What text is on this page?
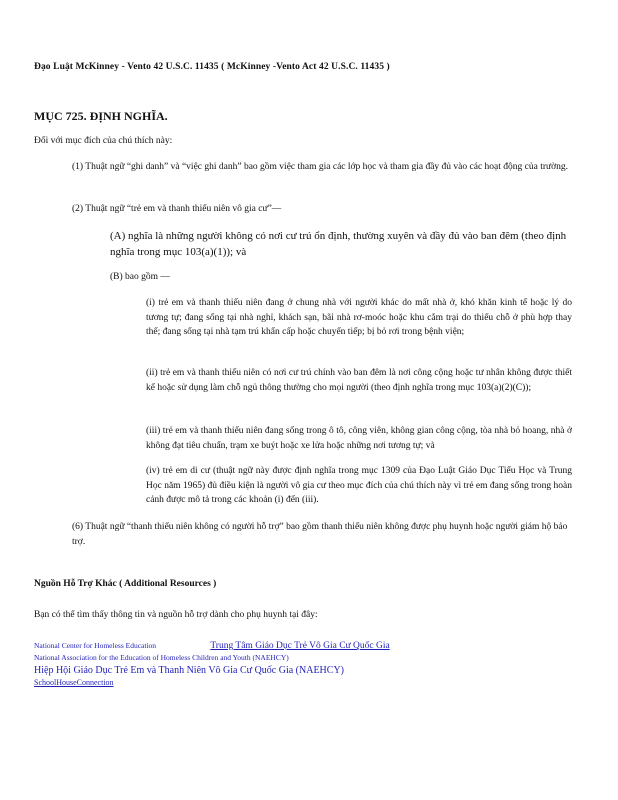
Đạo Luật McKinney - Vento 42 U.S.C. 11435 ( McKinney -Vento Act 42 U.S.C. 11435 )
MỤC 725. ĐỊNH NGHĨA.
Đối với mục đích của chú thích này:
(1) Thuật ngữ “ghi danh” và “việc ghi danh” bao gồm việc tham gia các lớp học và tham gia đầy đủ vào các hoạt động của trường.
(2) Thuật ngữ “trẻ em và thanh thiếu niên vô gia cư”—
(A) nghĩa là những người không có nơi cư trú ổn định, thường xuyên và đầy đủ vào ban đêm (theo định nghĩa trong mục 103(a)(1)); và
(B) bao gồm —
(i) trẻ em và thanh thiếu niên đang ở chung nhà với người khác do mất nhà ở, khó khăn kinh tế hoặc lý do tương tự; đang sống tại nhà nghỉ, khách sạn, bãi nhà rơ-moóc hoặc khu cắm trại do thiếu chỗ ở phù hợp thay thế; đang sống tại nhà tạm trú khẩn cấp hoặc chuyển tiếp; bị bỏ rơi trong bệnh viện;
(ii) trẻ em và thanh thiếu niên có nơi cư trú chính vào ban đêm là nơi công cộng hoặc tư nhân không được thiết kế hoặc sử dụng làm chỗ ngủ thông thường cho mọi người (theo định nghĩa trong mục 103(a)(2)(C));
(iii) trẻ em và thanh thiếu niên đang sống trong ô tô, công viên, không gian công cộng, tòa nhà bỏ hoang, nhà ở không đạt tiêu chuẩn, trạm xe buýt hoặc xe lửa hoặc những nơi tương tự; và
(iv) trẻ em di cư (thuật ngữ này được định nghĩa trong mục 1309 của Đạo Luật Giáo Dục Tiểu Học và Trung Học năm 1965) đủ điều kiện là người vô gia cư theo mục đích của chú thích này vì trẻ em đang sống trong hoàn cảnh được mô tả trong các khoản (i) đến (iii).
(6) Thuật ngữ “thanh thiếu niên không có người hỗ trợ” bao gồm thanh thiếu niên không được phụ huynh hoặc người giám hộ bảo trợ.
Nguồn Hỗ Trợ Khác ( Additional Resources )
Bạn có thể tìm thấy thông tin và nguồn hỗ trợ dành cho phụ huynh tại đây:
National Center for Homeless Education	Trung Tâm Giáo Dục Trẻ Vô Gia Cư Quốc Gia
National Association for the Education of Homeless Children and Youth (NAEHCY)
Hiệp Hội Giáo Dục Trẻ Em và Thanh Niên Vô Gia Cư Quốc Gia (NAEHCY)
SchoolHouseConnection
